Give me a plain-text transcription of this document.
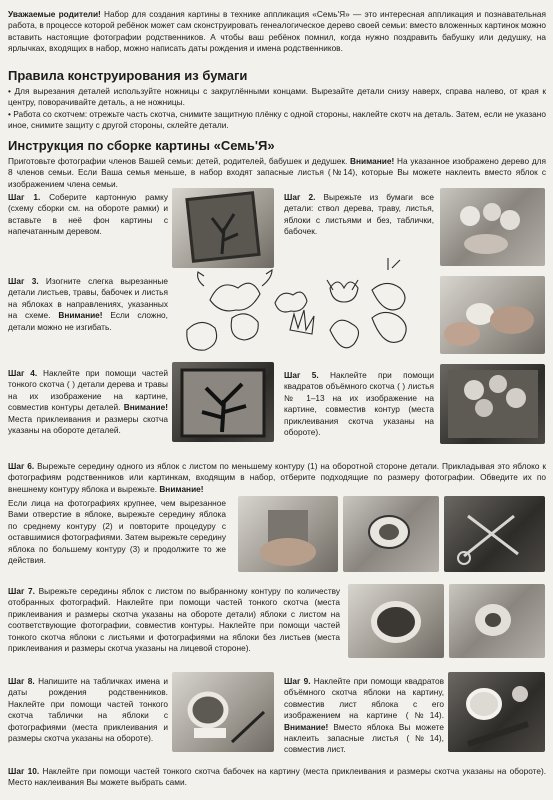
Уважаемые родители! Набор для создания картины в технике аппликация «Семь'Я» — это интересная аппликация и познавательная работа, в процессе которой ребёнок может сам сконструировать генеалогическое дерево своей семьи: вместо вложенных картинок можно вставить настоящие фотографии родственников. А чтобы ваш ребёнок помнил, когда нужно поздравить бабушку или дедушку, на ярлычках, входящих в набор, можно написать даты рождения и имена родственников.
Правила конструирования из бумаги
• Для вырезания деталей используйте ножницы с закруглёнными концами. Вырезайте детали снизу наверх, справа налево, от края к центру, поворачивайте деталь, а не ножницы.
• Работа со скотчем: отрежьте часть скотча, снимите защитную плёнку с одной стороны, наклейте скотч на деталь. Затем, если не указано иное, снимите защиту с другой стороны, склейте детали.
Инструкция по сборке картины «Семь'Я»
Приготовьте фотографии членов Вашей семьи: детей, родителей, бабушек и дедушек. Внимание! На указанное изображено дерево для 8 членов семьи. Если Ваша семья меньше, в набор входят запасные листья (№14), которые Вы можете наклеить вместо яблок с изображением члена семьи.
Шаг 1. Соберите картонную рамку (схему сборки см. на обороте рамки) и вставьте в неё фон картины с напечатанным деревом.
Шаг 2. Вырежьте из бумаги все детали: ствол дерева, траву, листья, яблоки с листьями и без, таблички, бабочек.
Шаг 3. Изогните слегка вырезанные детали листьев, травы, бабочек и листья на яблоках в направлениях, указанных на схеме. Внимание! Если сложно, детали можно не изгибать.
Шаг 4. Наклейте при помощи частей тонкого скотча ( ) детали дерева и травы на их изображение на картине, совместив контуры деталей. Внимание! Места приклеивания и размеры скотча указаны на обороте деталей.
Шаг 5. Наклейте при помощи квадратов объёмного скотча ( ) листья № 1–13 на их изображение на картине, совместив контур (места приклеивания скотча указаны на обороте).
Шаг 6. Вырежьте середину одного из яблок с листом по меньшему контуру (1) на оборотной стороне детали. Прикладывая это яблоко к фотографиям родственников или картинкам, входящим в набор, отберите подходящие по размеру фотографии. Обведите их по внешнему контуру яблока и вырежьте. Внимание!
Если лица на фотографиях крупнее, чем вырезанное Вами отверстие в яблоке, вырежьте середину яблока по среднему контуру (2) и повторите процедуру с оставшимися фотографиями. Затем вырежьте середину яблока по большему контуру (3) и продолжите то же действия.
Шаг 7. Вырежьте середины яблок с листом по выбранному контуру по количеству отобранных фотографий. Наклейте при помощи частей тонкого скотча (места приклеивания и размеры скотча указаны на обороте детали) яблоки с листом на соответствующие фотографии, совместив контуры. Наклейте при помощи частей тонкого скотча яблоки с листьями и фотографиями на яблоки без листьев (места приклеивания и размеры скотча указаны на лицевой стороне).
Шаг 8. Напишите на табличках имена и даты рождения родственников. Наклейте при помощи частей тонкого скотча таблички на яблоки с фотографиями (места приклеивания и размеры скотча указаны на обороте).
Шаг 9. Наклейте при помощи квадратов объёмного скотча яблоки на картину, совместив лист яблока с его изображением на картине (№14). Внимание! Вместо яблока Вы можете наклеить запасные листья (№14), совместив лист.
Шаг 10. Наклейте при помощи частей тонкого скотча бабочек на картину (места приклеивания и размеры скотча указаны на обороте). Место наклеивания Вы можете выбрать сами.
